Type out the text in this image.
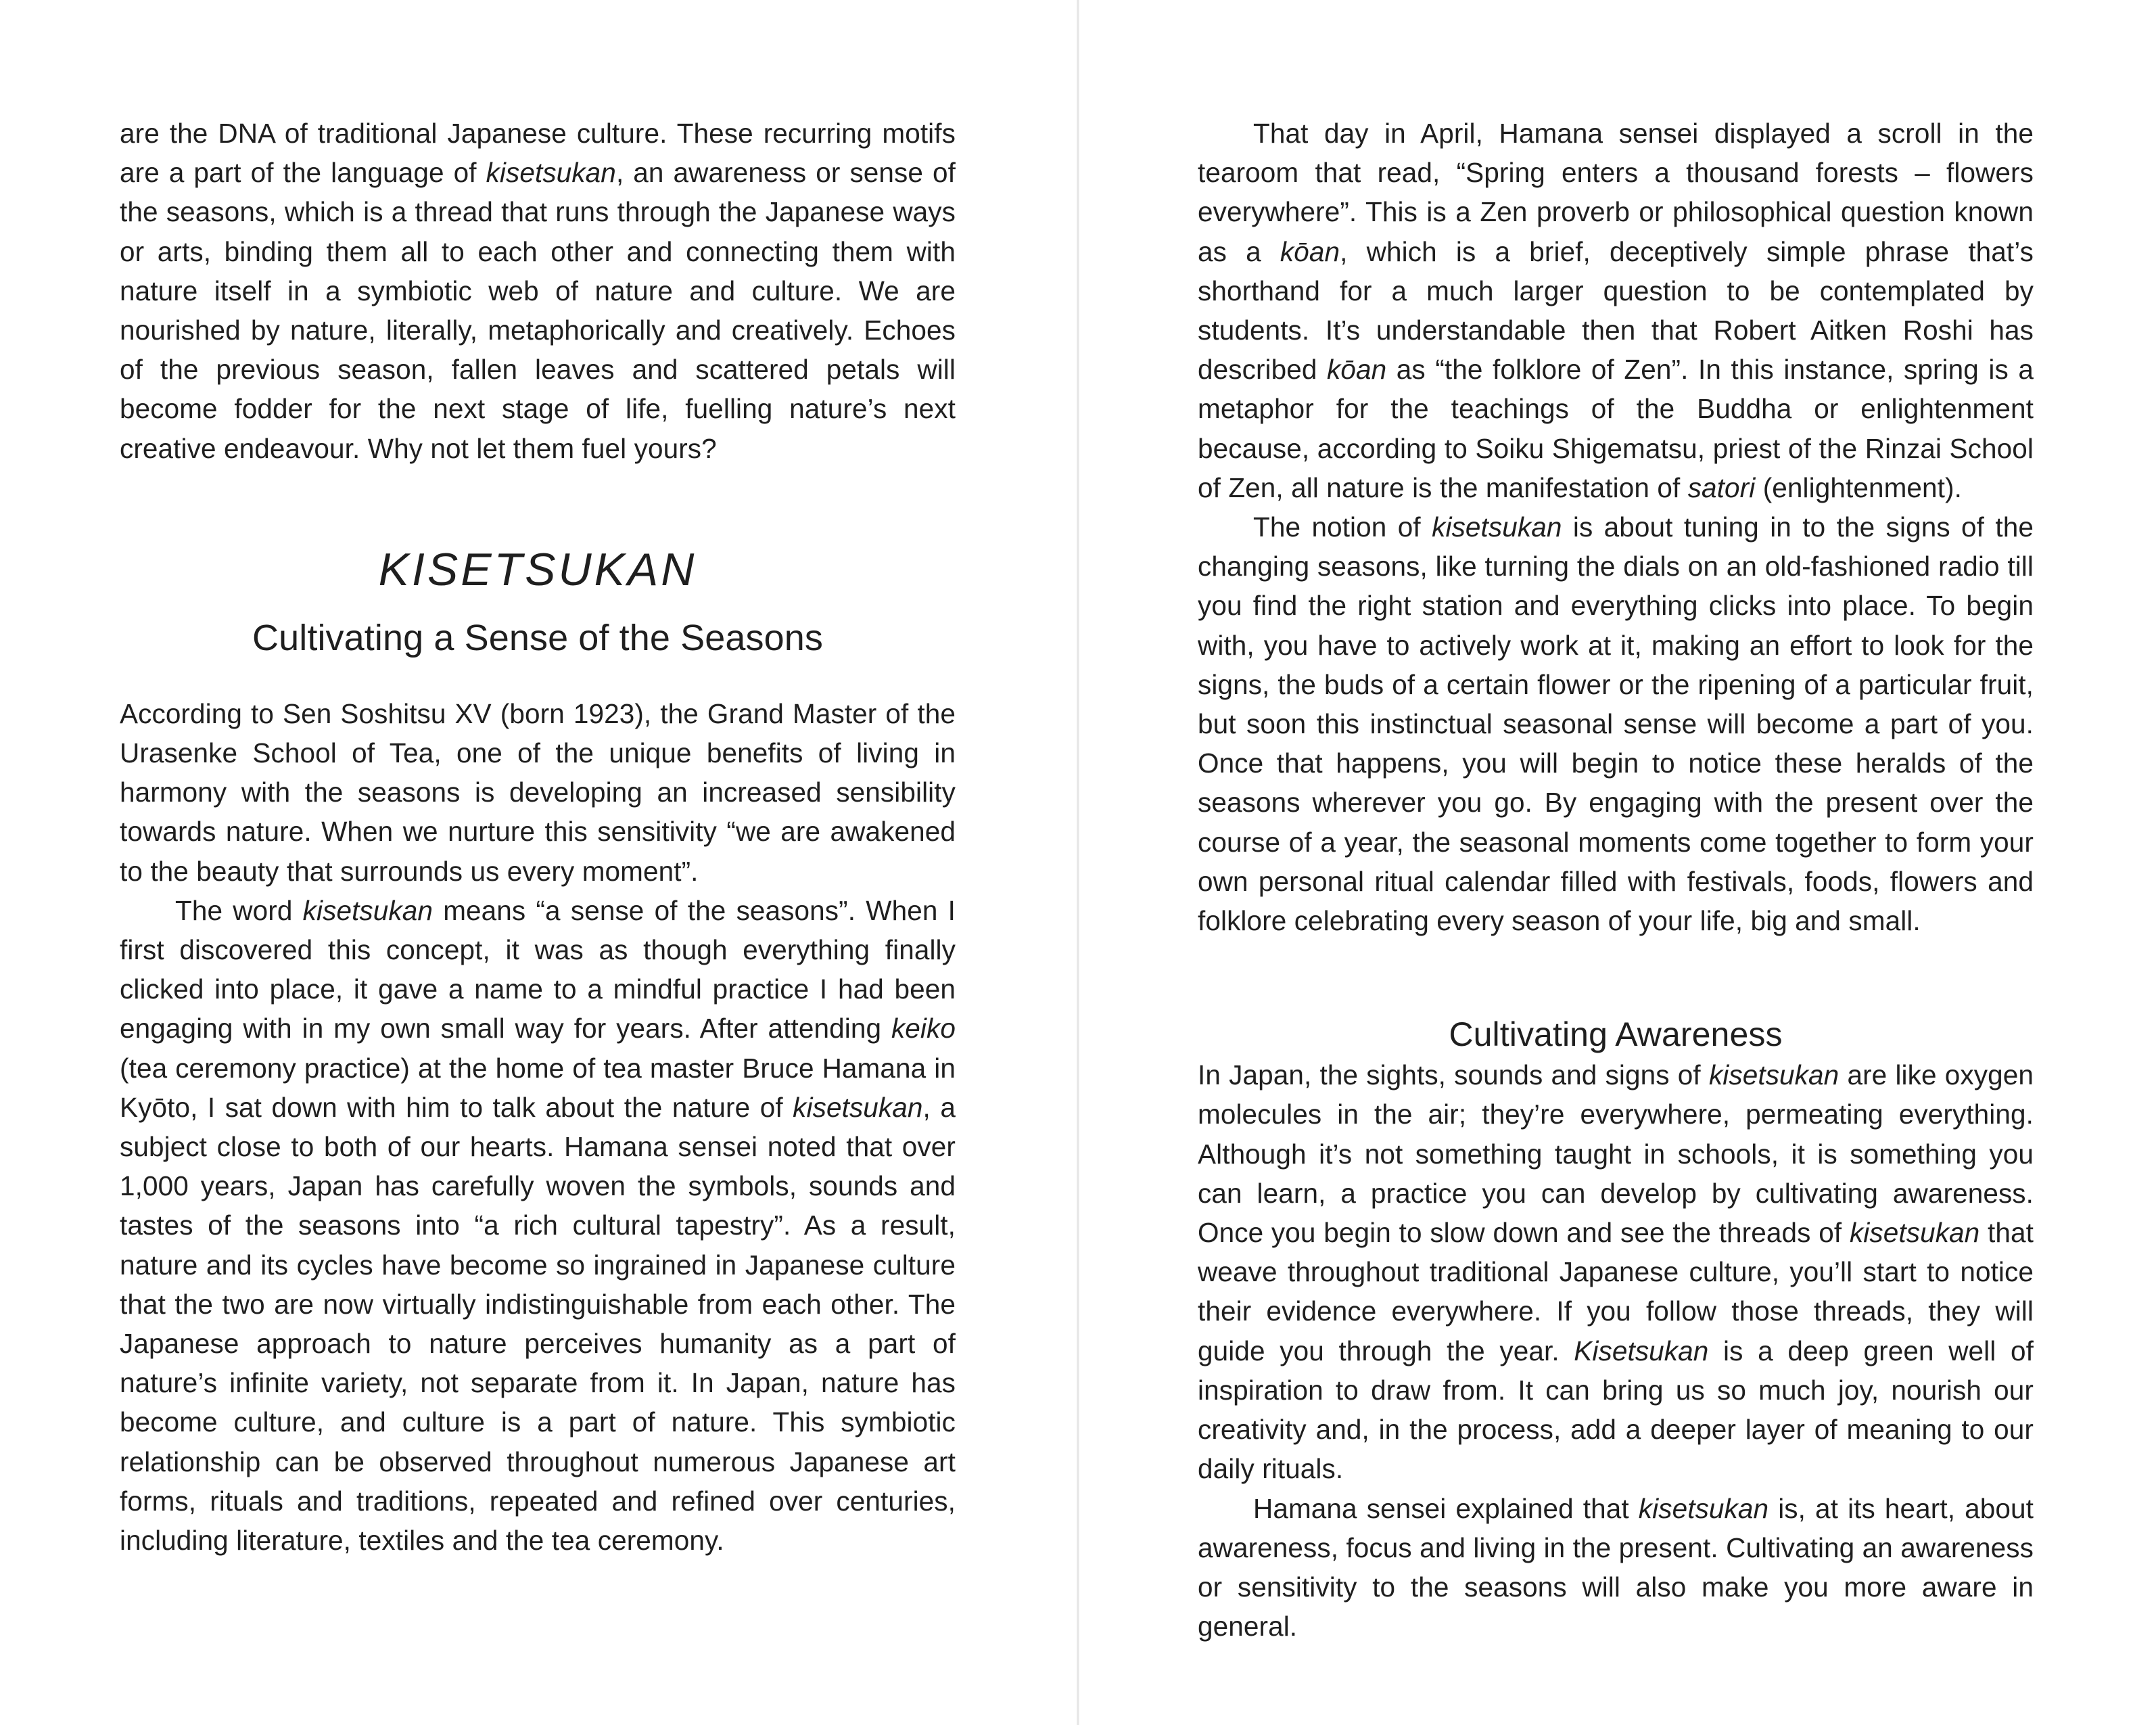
are the DNA of traditional Japanese culture. These recurring motifs are a part of the language of kisetsukan, an awareness or sense of the seasons, which is a thread that runs through the Japanese ways or arts, binding them all to each other and connecting them with nature itself in a symbiotic web of nature and culture. We are nourished by nature, literally, metaphorically and creatively. Echoes of the previous season, fallen leaves and scattered petals will become fodder for the next stage of life, fuelling nature’s next creative endeavour. Why not let them fuel yours?

KISETSUKAN
Cultivating a Sense of the Seasons

According to Sen Soshitsu XV (born 1923), the Grand Master of the Urasenke School of Tea, one of the unique benefits of living in harmony with the seasons is developing an increased sensibility towards nature. When we nurture this sensitivity “we are awakened to the beauty that surrounds us every moment”.

The word kisetsukan means “a sense of the seasons”. When I first discovered this concept, it was as though everything finally clicked into place, it gave a name to a mindful practice I had been engaging with in my own small way for years. After attending keiko (tea ceremony practice) at the home of tea master Bruce Hamana in Kyōto, I sat down with him to talk about the nature of kisetsukan, a subject close to both of our hearts. Hamana sensei noted that over 1,000 years, Japan has carefully woven the symbols, sounds and tastes of the seasons into “a rich cultural tapestry”. As a result, nature and its cycles have become so ingrained in Japanese culture that the two are now virtually indistinguishable from each other. The Japanese approach to nature perceives humanity as a part of nature’s infinite variety, not separate from it. In Japan, nature has become culture, and culture is a part of nature. This symbiotic relationship can be observed throughout numerous Japanese art forms, rituals and traditions, repeated and refined over centuries, including literature, textiles and the tea ceremony.

That day in April, Hamana sensei displayed a scroll in the tearoom that read, “Spring enters a thousand forests – flowers everywhere”. This is a Zen proverb or philosophical question known as a kōan, which is a brief, deceptively simple phrase that’s shorthand for a much larger question to be contemplated by students. It’s understandable then that Robert Aitken Roshi has described kōan as “the folklore of Zen”. In this instance, spring is a metaphor for the teachings of the Buddha or enlightenment because, according to Soiku Shigematsu, priest of the Rinzai School of Zen, all nature is the manifestation of satori (enlightenment).

The notion of kisetsukan is about tuning in to the signs of the changing seasons, like turning the dials on an old-fashioned radio till you find the right station and everything clicks into place. To begin with, you have to actively work at it, making an effort to look for the signs, the buds of a certain flower or the ripening of a particular fruit, but soon this instinctual seasonal sense will become a part of you. Once that happens, you will begin to notice these heralds of the seasons wherever you go. By engaging with the present over the course of a year, the seasonal moments come together to form your own personal ritual calendar filled with festivals, foods, flowers and folklore celebrating every season of your life, big and small.

Cultivating Awareness

In Japan, the sights, sounds and signs of kisetsukan are like oxygen molecules in the air; they’re everywhere, permeating everything. Although it’s not something taught in schools, it is something you can learn, a practice you can develop by cultivating awareness. Once you begin to slow down and see the threads of kisetsukan that weave throughout traditional Japanese culture, you’ll start to notice their evidence everywhere. If you follow those threads, they will guide you through the year. Kisetsukan is a deep green well of inspiration to draw from. It can bring us so much joy, nourish our creativity and, in the process, add a deeper layer of meaning to our daily rituals.

Hamana sensei explained that kisetsukan is, at its heart, about awareness, focus and living in the present. Cultivating an awareness or sensitivity to the seasons will also make you more aware in general.
